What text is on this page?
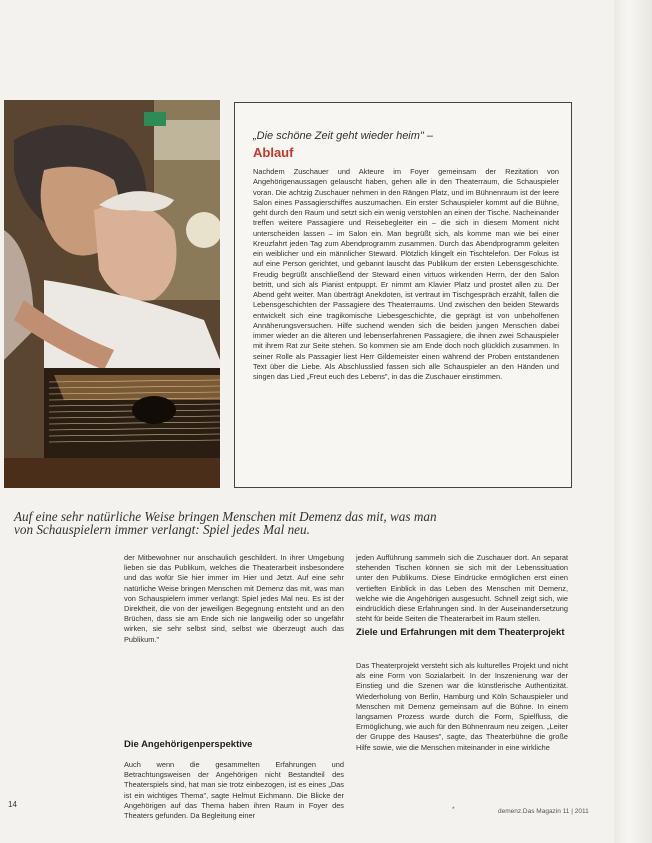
„Die schöne Zeit geht wieder heim" –
Ablauf

Nachdem Zuschauer und Akteure im Foyer gemeinsam der Rezitation von Angehörigenaussagen gelauscht haben, gehen alle in den Theaterraum, die Schauspieler voran. Die achtzig Zuschauer nehmen in den Rängen Platz, und im Bühnenraum ist der leere Salon eines Passagierschiffes auszumachen. Ein erster Schauspieler kommt auf die Bühne, geht durch den Raum und setzt sich ein wenig verstohlen an einen der Tische. Nacheinander treffen weitere Passagiere und Reisebegleiter ein – die sich in diesem Moment nicht unterscheiden lassen – im Salon ein. Man begrüßt sich, als komme man wie bei einer Kreuzfahrt jeden Tag zum Abendprogramm zusammen. Durch das Abendprogramm geleiten ein weiblicher und ein männlicher Steward. Plötzlich klingelt ein Tischtelefon. Der Fokus ist auf eine Person gerichtet, und gebannt lauscht das Publikum der ersten Lebensgeschichte. Freudig begrüßt anschließend der Steward einen virtuos wirkenden Herrn, der den Salon betritt, und sich als Pianist entpuppt. Er nimmt am Klavier Platz und prostet allen zu. Der Abend geht weiter. Man überträgt Anekdoten, ist vertraut im Tischgespräch erzählt, fallen die Lebensgeschichten der Passagiere des Theaterraums. Und zwischen den beiden Stewards entwickelt sich eine tragikomische Liebesgeschichte, die geprägt ist von unbeholfenen Annäherungsversuchen. Hilfe suchend wenden sich die beiden jungen Menschen dabei immer wieder an die älteren und lebenserfahrenen Passagiere, die ihnen zwei Schauspieler mit ihrem Rat zur Seite stehen. So kommen sie am Ende doch noch glücklich zusammen. In seiner Rolle als Passagier liest Herr Gildemeister einen während der Proben entstandenen Text über die Liebe. Als Abschlusslied fassen sich alle Schauspieler an den Händen und singen das Lied „Freut euch des Lebens", in das die Zuschauer einstimmen.

Auf eine sehr natürliche Weise bringen Menschen mit Demenz das mit, was man von Schauspielern immer verlangt: Spiel jedes Mal neu.

der Mitbewohner nur anschaulich geschildert. In ihrer Umgebung lieben sie das Publikum, welches die Theaterarbeit insbesondere und das wofür Sie hier immer im Hier und Jetzt. Auf eine sehr natürliche Weise bringen Menschen mit Demenz das mit, was man von Schauspielern immer verlangt: Spiel jedes Mal neu. Es ist der Direktheit, die von der jeweiligen Begegnung entsteht und an den Brüchen, dass sie am Ende sich nie langweilig oder so ungefähr wirken, sie sehr selbst sind, selbst wie überzeugt auch das Publikum."

Die Angehörigenperspektive

Auch wenn die gesammelten Erfahrungen und Betrachtungsweisen der Angehörigen nicht Bestandteil des Theaterspiels sind, hat man sie trotz einbezogen, ist es eines „Das ist ein wichtiges Thema", sagte Helmut Eichmann. Die Blicke der Angehörigen auf das Thema haben ihren Raum in Foyer des Theaters gefunden. Da Begleitung einer

jeden Aufführung sammeln sich die Zuschauer dort. An separat stehenden Tischen können sie sich mit der Lebenssituation unter den Publikums. Diese Eindrücke ermöglichen erst einen vertieften Einblick in das Leben des Menschen mit Demenz, welche wie die Angehörigen ausgesucht. Schnell zeigt sich, wie eindrücklich diese Erfahrungen sind. In der Auseinandersetzung steht für beide Seiten die Theaterarbeit im Raum stellen.

Ziele und Erfahrungen mit dem Theaterprojekt

Das Theaterprojekt versteht sich als kulturelles Projekt und nicht als eine Form von Sozialarbeit. In der Inszenierung war der Einstieg und die Szenen war die künstlerische Authentizität. Wiederholung von Berlin, Hamburg und Köln Schauspieler und Menschen mit Demenz gemeinsam auf die Bühne. In einem langsamen Prozess wurde durch die Form, Spielfluss, die Ermöglichung, wie auch für den Bühnenraum neu zeigen. „Leiter der Gruppe des Hauses", sagte, das Theaterbühne die große Hilfe sowie, wie die Menschen miteinander in eine wirkliche

14
*	demenz.Das Magazin 11 | 2011
